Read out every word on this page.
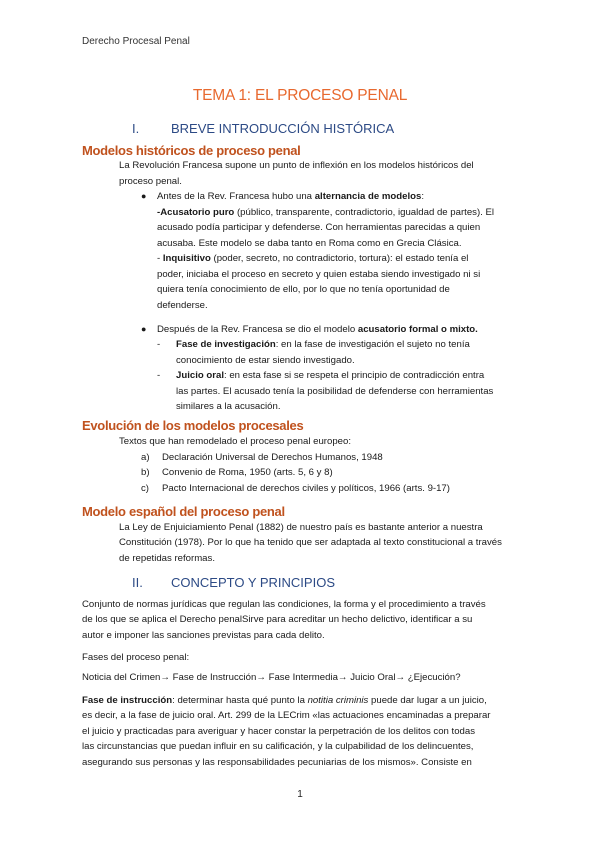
Derecho Procesal Penal
TEMA 1: EL PROCESO PENAL
I. BREVE INTRODUCCIÓN HISTÓRICA
Modelos históricos de proceso penal
La Revolución Francesa supone un punto de inflexión en los modelos históricos del
proceso penal.
● Antes de la Rev. Francesa hubo una alternancia de modelos:
-Acusatorio puro (público, transparente, contradictorio, igualdad de partes). El
acusado podía participar y defenderse. Con herramientas parecidas a quien
acusaba. Este modelo se daba tanto en Roma como en Grecia Clásica.
- Inquisitivo (poder, secreto, no contradictorio, tortura): el estado tenía el
poder, iniciaba el proceso en secreto y quien estaba siendo investigado ni si
quiera tenía conocimiento de ello, por lo que no tenía oportunidad de
defenderse.
● Después de la Rev. Francesa se dio el modelo acusatorio formal o mixto.
- Fase de investigación: en la fase de investigación el sujeto no tenía
conocimiento de estar siendo investigado.
- Juicio oral: en esta fase si se respeta el principio de contradicción entra
las partes. El acusado tenía la posibilidad de defenderse con herramientas
similares a la acusación.
Evolución de los modelos procesales
Textos que han remodelado el proceso penal europeo:
a) Declaración Universal de Derechos Humanos, 1948
b) Convenio de Roma, 1950 (arts. 5, 6 y 8)
c) Pacto Internacional de derechos civiles y políticos, 1966 (arts. 9-17)
Modelo español del proceso penal
La Ley de Enjuiciamiento Penal (1882) de nuestro país es bastante anterior a nuestra
Constitución (1978). Por lo que ha tenido que ser adaptada al texto constitucional a través
de repetidas reformas.
II. CONCEPTO Y PRINCIPIOS
Conjunto de normas jurídicas que regulan las condiciones, la forma y el procedimiento a través
de los que se aplica el Derecho penalSirve para acreditar un hecho delictivo, identificar a su
autor e imponer las sanciones previstas para cada delito.
Fases del proceso penal:
Noticia del Crimen→ Fase de Instrucción→ Fase Intermedia→ Juicio Oral→ ¿Ejecución?
Fase de instrucción: determinar hasta qué punto la notitia criminis puede dar lugar a un juicio,
es decir, a la fase de juicio oral. Art. 299 de la LECrim «las actuaciones encaminadas a preparar
el juicio y practicadas para averiguar y hacer constar la perpetración de los delitos con todas
las circunstancias que puedan influir en su calificación, y la culpabilidad de los delincuentes,
asegurando sus personas y las responsabilidades pecuniarias de los mismos». Consiste en
1
